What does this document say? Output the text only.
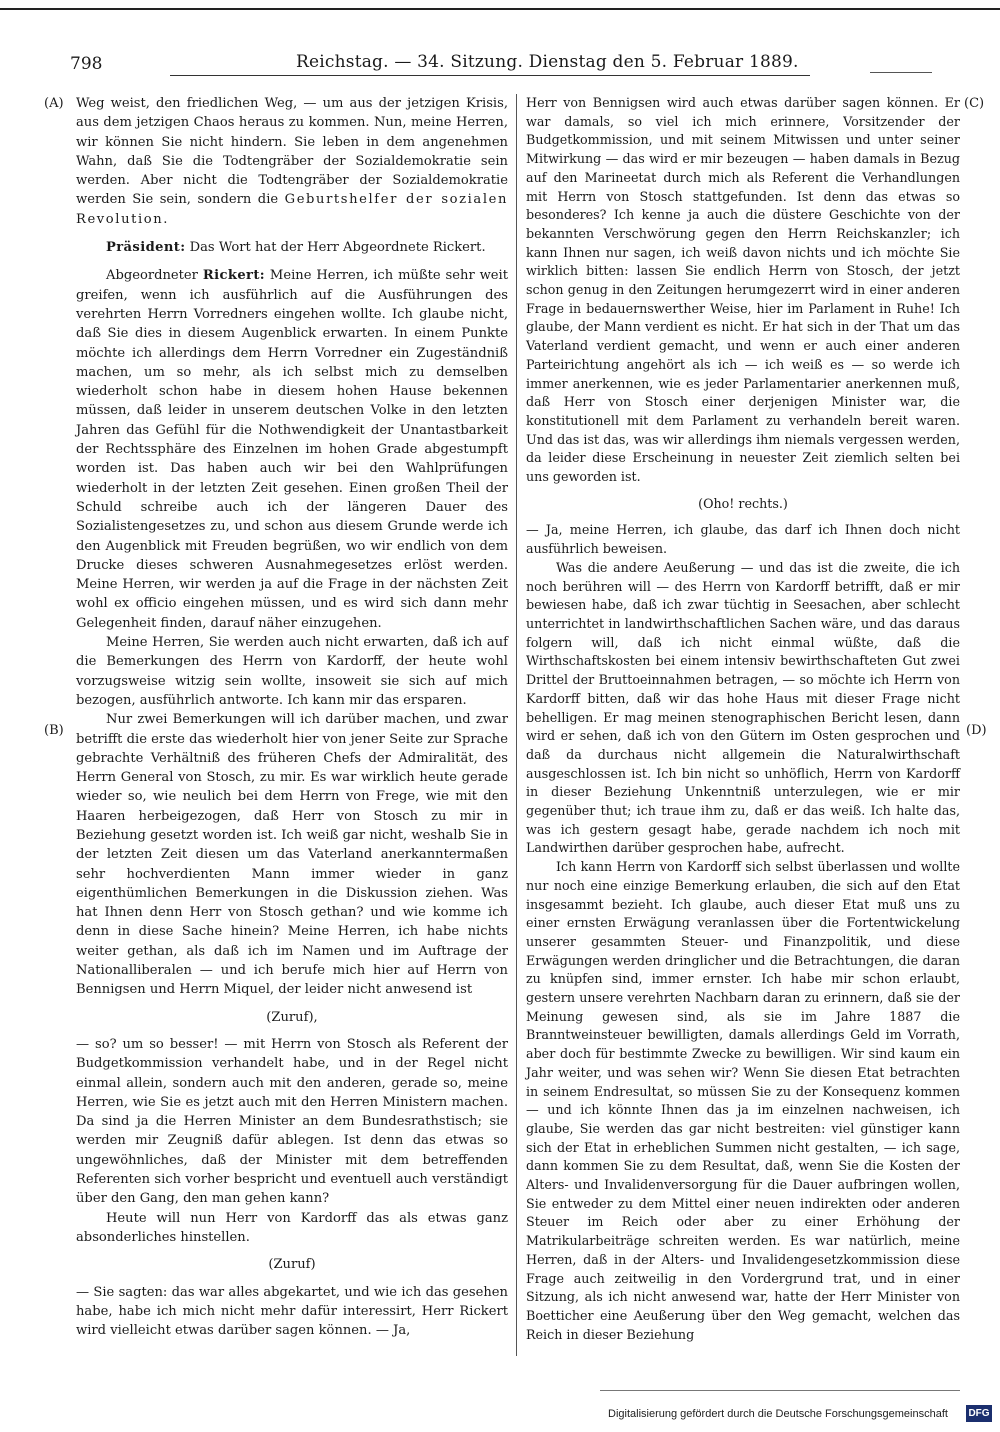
798	Reichstag. — 34. Sitzung. Dienstag den 5. Februar 1889.
(A)
(B)
(C)
(D)

Weg weist, den friedlichen Weg, — um aus der jetzigen Krisis, aus dem jetzigen Chaos heraus zu kommen. Nun, meine Herren, wir können Sie nicht hindern. Sie leben in dem angenehmen Wahn, daß Sie die Todtengräber der Sozialdemokratie sein werden. Aber nicht die Todtengräber der Sozialdemokratie werden Sie sein, sondern die Geburtshelfer der sozialen Revolution.

Präsident: Das Wort hat der Herr Abgeordnete Rickert.

Abgeordneter Rickert: Meine Herren, ich müßte sehr weit greifen, wenn ich ausführlich auf die Ausführungen des verehrten Herrn Vorredners eingehen wollte. Ich glaube nicht, daß Sie dies in diesem Augenblick erwarten. In einem Punkte möchte ich allerdings dem Herrn Vorredner ein Zugeständniß machen, um so mehr, als ich selbst mich zu demselben wiederholt schon habe in diesem hohen Hause bekennen müssen, daß leider in unserem deutschen Volke in den letzten Jahren das Gefühl für die Nothwendigkeit der Unantastbarkeit der Rechtssphäre des Einzelnen im hohen Grade abgestumpft worden ist. Das haben auch wir bei den Wahlprüfungen wiederholt in der letzten Zeit gesehen. Einen großen Theil der Schuld schreibe auch ich der längeren Dauer des Sozialistengesetzes zu, und schon aus diesem Grunde werde ich den Augenblick mit Freuden begrüßen, wo wir endlich von dem Drucke dieses schweren Ausnahmegesetzes erlöst werden. Meine Herren, wir werden ja auf die Frage in der nächsten Zeit wohl ex officio eingehen müssen, und es wird sich dann mehr Gelegenheit finden, darauf näher einzugehen.

Meine Herren, Sie werden auch nicht erwarten, daß ich auf die Bemerkungen des Herrn von Kardorff, der heute wohl vorzugsweise witzig sein wollte, insoweit sie sich auf mich bezogen, ausführlich antworte. Ich kann mir das ersparen.

Nur zwei Bemerkungen will ich darüber machen, und zwar betrifft die erste das wiederholt hier von jener Seite zur Sprache gebrachte Verhältniß des früheren Chefs der Admiralität, des Herrn General von Stosch, zu mir. Es war wirklich heute gerade wieder so, wie neulich bei dem Herrn von Frege, wie mit den Haaren herbeigezogen, daß Herr von Stosch zu mir in Beziehung gesetzt worden ist. Ich weiß gar nicht, weshalb Sie in der letzten Zeit diesen um das Vaterland anerkanntermaßen sehr hochverdienten Mann immer wieder in ganz eigenthümlichen Bemerkungen in die Diskussion ziehen. Was hat Ihnen denn Herr von Stosch gethan? und wie komme ich denn in diese Sache hinein? Meine Herren, ich habe nichts weiter gethan, als daß ich im Namen und im Auftrage der Nationalliberalen — und ich berufe mich hier auf Herrn von Bennigsen und Herrn Miquel, der leider nicht anwesend ist

(Zuruf),

— so? um so besser! — mit Herrn von Stosch als Referent der Budgetkommission verhandelt habe, und in der Regel nicht einmal allein, sondern auch mit den anderen, gerade so, meine Herren, wie Sie es jetzt auch mit den Herren Ministern machen. Da sind ja die Herren Minister an dem Bundesrathstisch; sie werden mir Zeugniß dafür ablegen. Ist denn das etwas so ungewöhnliches, daß der Minister mit dem betreffenden Referenten sich vorher bespricht und eventuell auch verständigt über den Gang, den man gehen kann?

Heute will nun Herr von Kardorff das als etwas ganz absonderliches hinstellen.

(Zuruf)

— Sie sagten: das war alles abgekartet, und wie ich das gesehen habe, habe ich mich nicht mehr dafür interessirt, Herr Rickert wird vielleicht etwas darüber sagen können. — Ja,

Herr von Bennigsen wird auch etwas darüber sagen können. Er war damals, so viel ich mich erinnere, Vorsitzender der Budgetkommission, und mit seinem Mitwissen und unter seiner Mitwirkung — das wird er mir bezeugen — haben damals in Bezug auf den Marineetat durch mich als Referent die Verhandlungen mit Herrn von Stosch stattgefunden. Ist denn das etwas so besonderes? Ich kenne ja auch die düstere Geschichte von der bekannten Verschwörung gegen den Herrn Reichskanzler; ich kann Ihnen nur sagen, ich weiß davon nichts und ich möchte Sie wirklich bitten: lassen Sie endlich Herrn von Stosch, der jetzt schon genug in den Zeitungen herumgezerrt wird in einer anderen Frage in bedauernswerther Weise, hier im Parlament in Ruhe! Ich glaube, der Mann verdient es nicht. Er hat sich in der That um das Vaterland verdient gemacht, und wenn er auch einer anderen Parteirichtung angehört als ich — ich weiß es — so werde ich immer anerkennen, wie es jeder Parlamentarier anerkennen muß, daß Herr von Stosch einer derjenigen Minister war, die konstitutionell mit dem Parlament zu verhandeln bereit waren. Und das ist das, was wir allerdings ihm niemals vergessen werden, da leider diese Erscheinung in neuester Zeit ziemlich selten bei uns geworden ist.

(Oho! rechts.)

— Ja, meine Herren, ich glaube, das darf ich Ihnen doch nicht ausführlich beweisen.

Was die andere Aeußerung — und das ist die zweite, die ich noch berühren will — des Herrn von Kardorff betrifft, daß er mir bewiesen habe, daß ich zwar tüchtig in Seesachen, aber schlecht unterrichtet in landwirthschaftlichen Sachen wäre, und das daraus folgern will, daß ich nicht einmal wüßte, daß die Wirthschaftskosten bei einem intensiv bewirthschafteten Gut zwei Drittel der Bruttoeinnahmen betragen, — so möchte ich Herrn von Kardorff bitten, daß wir das hohe Haus mit dieser Frage nicht behelligen. Er mag meinen stenographischen Bericht lesen, dann wird er sehen, daß ich von den Gütern im Osten gesprochen und daß da durchaus nicht allgemein die Naturalwirthschaft ausgeschlossen ist. Ich bin nicht so unhöflich, Herrn von Kardorff in dieser Beziehung Unkenntniß unterzulegen, wie er mir gegenüber thut; ich traue ihm zu, daß er das weiß. Ich halte das, was ich gestern gesagt habe, gerade nachdem ich noch mit Landwirthen darüber gesprochen habe, aufrecht.

Ich kann Herrn von Kardorff sich selbst überlassen und wollte nur noch eine einzige Bemerkung erlauben, die sich auf den Etat insgesammt bezieht. Ich glaube, auch dieser Etat muß uns zu einer ernsten Erwägung veranlassen über die Fortentwickelung unserer gesammten Steuer- und Finanzpolitik, und diese Erwägungen werden dringlicher und die Betrachtungen, die daran zu knüpfen sind, immer ernster. Ich habe mir schon erlaubt, gestern unsere verehrten Nachbarn daran zu erinnern, daß sie der Meinung gewesen sind, als sie im Jahre 1887 die Branntweinsteuer bewilligten, damals allerdings Geld im Vorrath, aber doch für bestimmte Zwecke zu bewilligen. Wir sind kaum ein Jahr weiter, und was sehen wir? Wenn Sie diesen Etat betrachten in seinem Endresultat, so müssen Sie zu der Konsequenz kommen — und ich könnte Ihnen das ja im einzelnen nachweisen, ich glaube, Sie werden das gar nicht bestreiten: viel günstiger kann sich der Etat in erheblichen Summen nicht gestalten, — ich sage, dann kommen Sie zu dem Resultat, daß, wenn Sie die Kosten der Alters- und Invalidenversorgung für die Dauer aufbringen wollen, Sie entweder zu dem Mittel einer neuen indirekten oder anderen Steuer im Reich oder aber zu einer Erhöhung der Matrikularbeiträge schreiten werden. Es war natürlich, meine Herren, daß in der Alters- und Invalidengesetzkommission diese Frage auch zeitweilig in den Vordergrund trat, und in einer Sitzung, als ich nicht anwesend war, hatte der Herr Minister von Boetticher eine Aeußerung über den Weg gemacht, welchen das Reich in dieser Beziehung

Digitalisierung gefördert durch die Deutsche Forschungsgemeinschaft DFG
